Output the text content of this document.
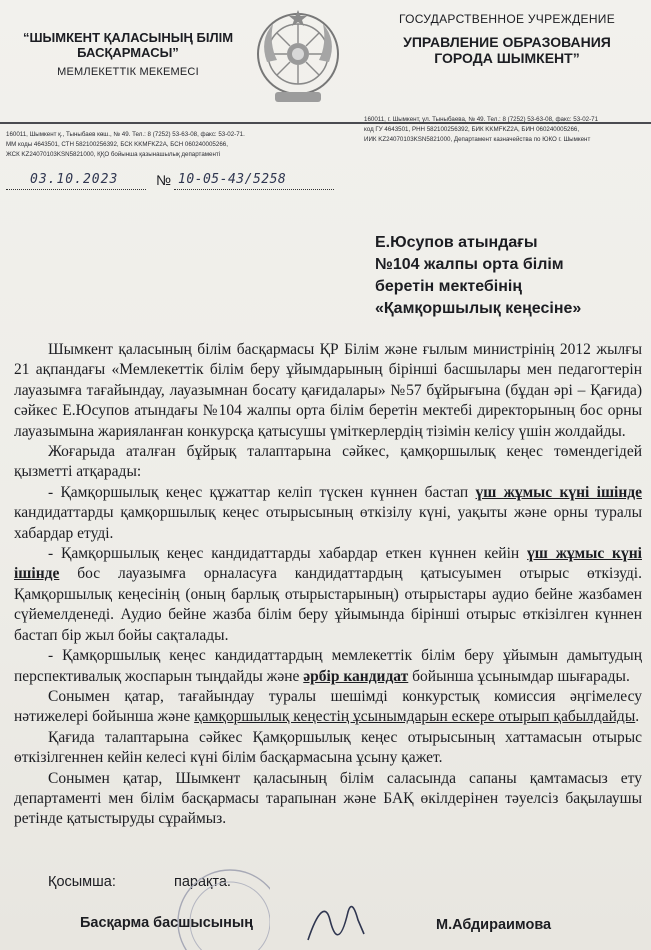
“ШЫМКЕНТ ҚАЛАСЫНЫҢ БІЛІМ БАСҚАРМАСЫ”
МЕМЛЕКЕТТІК МЕКЕМЕСІ
ГОСУДАРСТВЕННОЕ УЧРЕЖДЕНИЕ
УПРАВЛЕНИЕ ОБРАЗОВАНИЯ ГОРОДА ШЫМКЕНТ”
160011, Шымкент қ., Тыныбаев көш., № 49. Тел.: 8 (7252) 53-63-08, факс: 53-02-71.
ММ коды 4643501, СТН 582100256392, БСК KKMFKZ2A, БСН 060240005266,
ЖСК KZ24070103KSN5821000, ҚҚО бойынша қазынашылық департаменті
160011, г. Шымкент, ул. Тыныбаева, № 49. Тел.: 8 (7252) 53-63-08, факс: 53-02-71
код ГУ 4643501, РНН 582100256392, БИК KKMFKZ2A, БИН 060240005266,
ИИК KZ24070103KSN5821000, Департамент казначейства по ЮКО г. Шымкент
03.10.2023	№ 10-05-43/5258
Е.Юсупов атындағы
№104 жалпы орта білім
беретін мектебінің
«Қамқоршылық кеңесіне»

Шымкент қаласының білім басқармасы ҚР Білім және ғылым министрінің 2012 жылғы 21 ақпандағы «Мемлекеттік білім беру ұйымдарының бірінші басшылары мен педагогтерін лауазымға тағайындау, лауазымнан босату қағидалары» №57 бұйрығына (бұдан әрі – Қағида) сәйкес Е.Юсупов атындағы №104 жалпы орта білім беретін мектебі директорының бос орны лауазымына жарияланған конкурсқа қатысушы үміткерлердің тізімін келісу үшін жолдайды.

Жоғарыда аталған бұйрық талаптарына сәйкес, қамқоршылық кеңес төмендегідей қызметті атқарады:

- Қамқоршылық кеңес құжаттар келіп түскен күннен бастап үш жұмыс күні ішінде кандидаттарды қамқоршылық кеңес отырысының өткізілу күні, уақыты және орны туралы хабардар етуді.

- Қамқоршылық кеңес кандидаттарды хабардар еткен күннен кейін үш жұмыс күні ішінде бос лауазымға орналасуға кандидаттардың қатысуымен отырыс өткізуді. Қамқоршылық кеңесінің (оның барлық отырыстарының) отырыстары аудио бейне жазбамен сүйемелденеді. Аудио бейне жазба білім беру ұйымында бірінші отырыс өткізілген күннен бастап бір жыл бойы сақталады.

- Қамқоршылық кеңес кандидаттардың мемлекеттік білім беру ұйымын дамытудың перспективалық жоспарын тыңдайды және әрбір кандидат бойынша ұсынымдар шығарады.

Сонымен қатар, тағайындау туралы шешімді конкурстық комиссия әңгімелесу нәтижелері бойынша және қамқоршылық кеңестің ұсынымдарын ескере отырып қабылдайды.

Қағида талаптарына сәйкес Қамқоршылық кеңес отырысының хаттамасын отырыс өткізілгеннен кейін келесі күні білім басқармасына ұсыну қажет.

Сонымен қатар, Шымкент қаласының білім саласында сапаны қамтамасыз ету департаменті мен білім басқармасы тарапынан және БАҚ өкілдерінен тәуелсіз бақылаушы ретінде қатыстыруды сұраймыз.

Қосымша:	парақта.
Басқарма басшысының	М.Абдираимова
